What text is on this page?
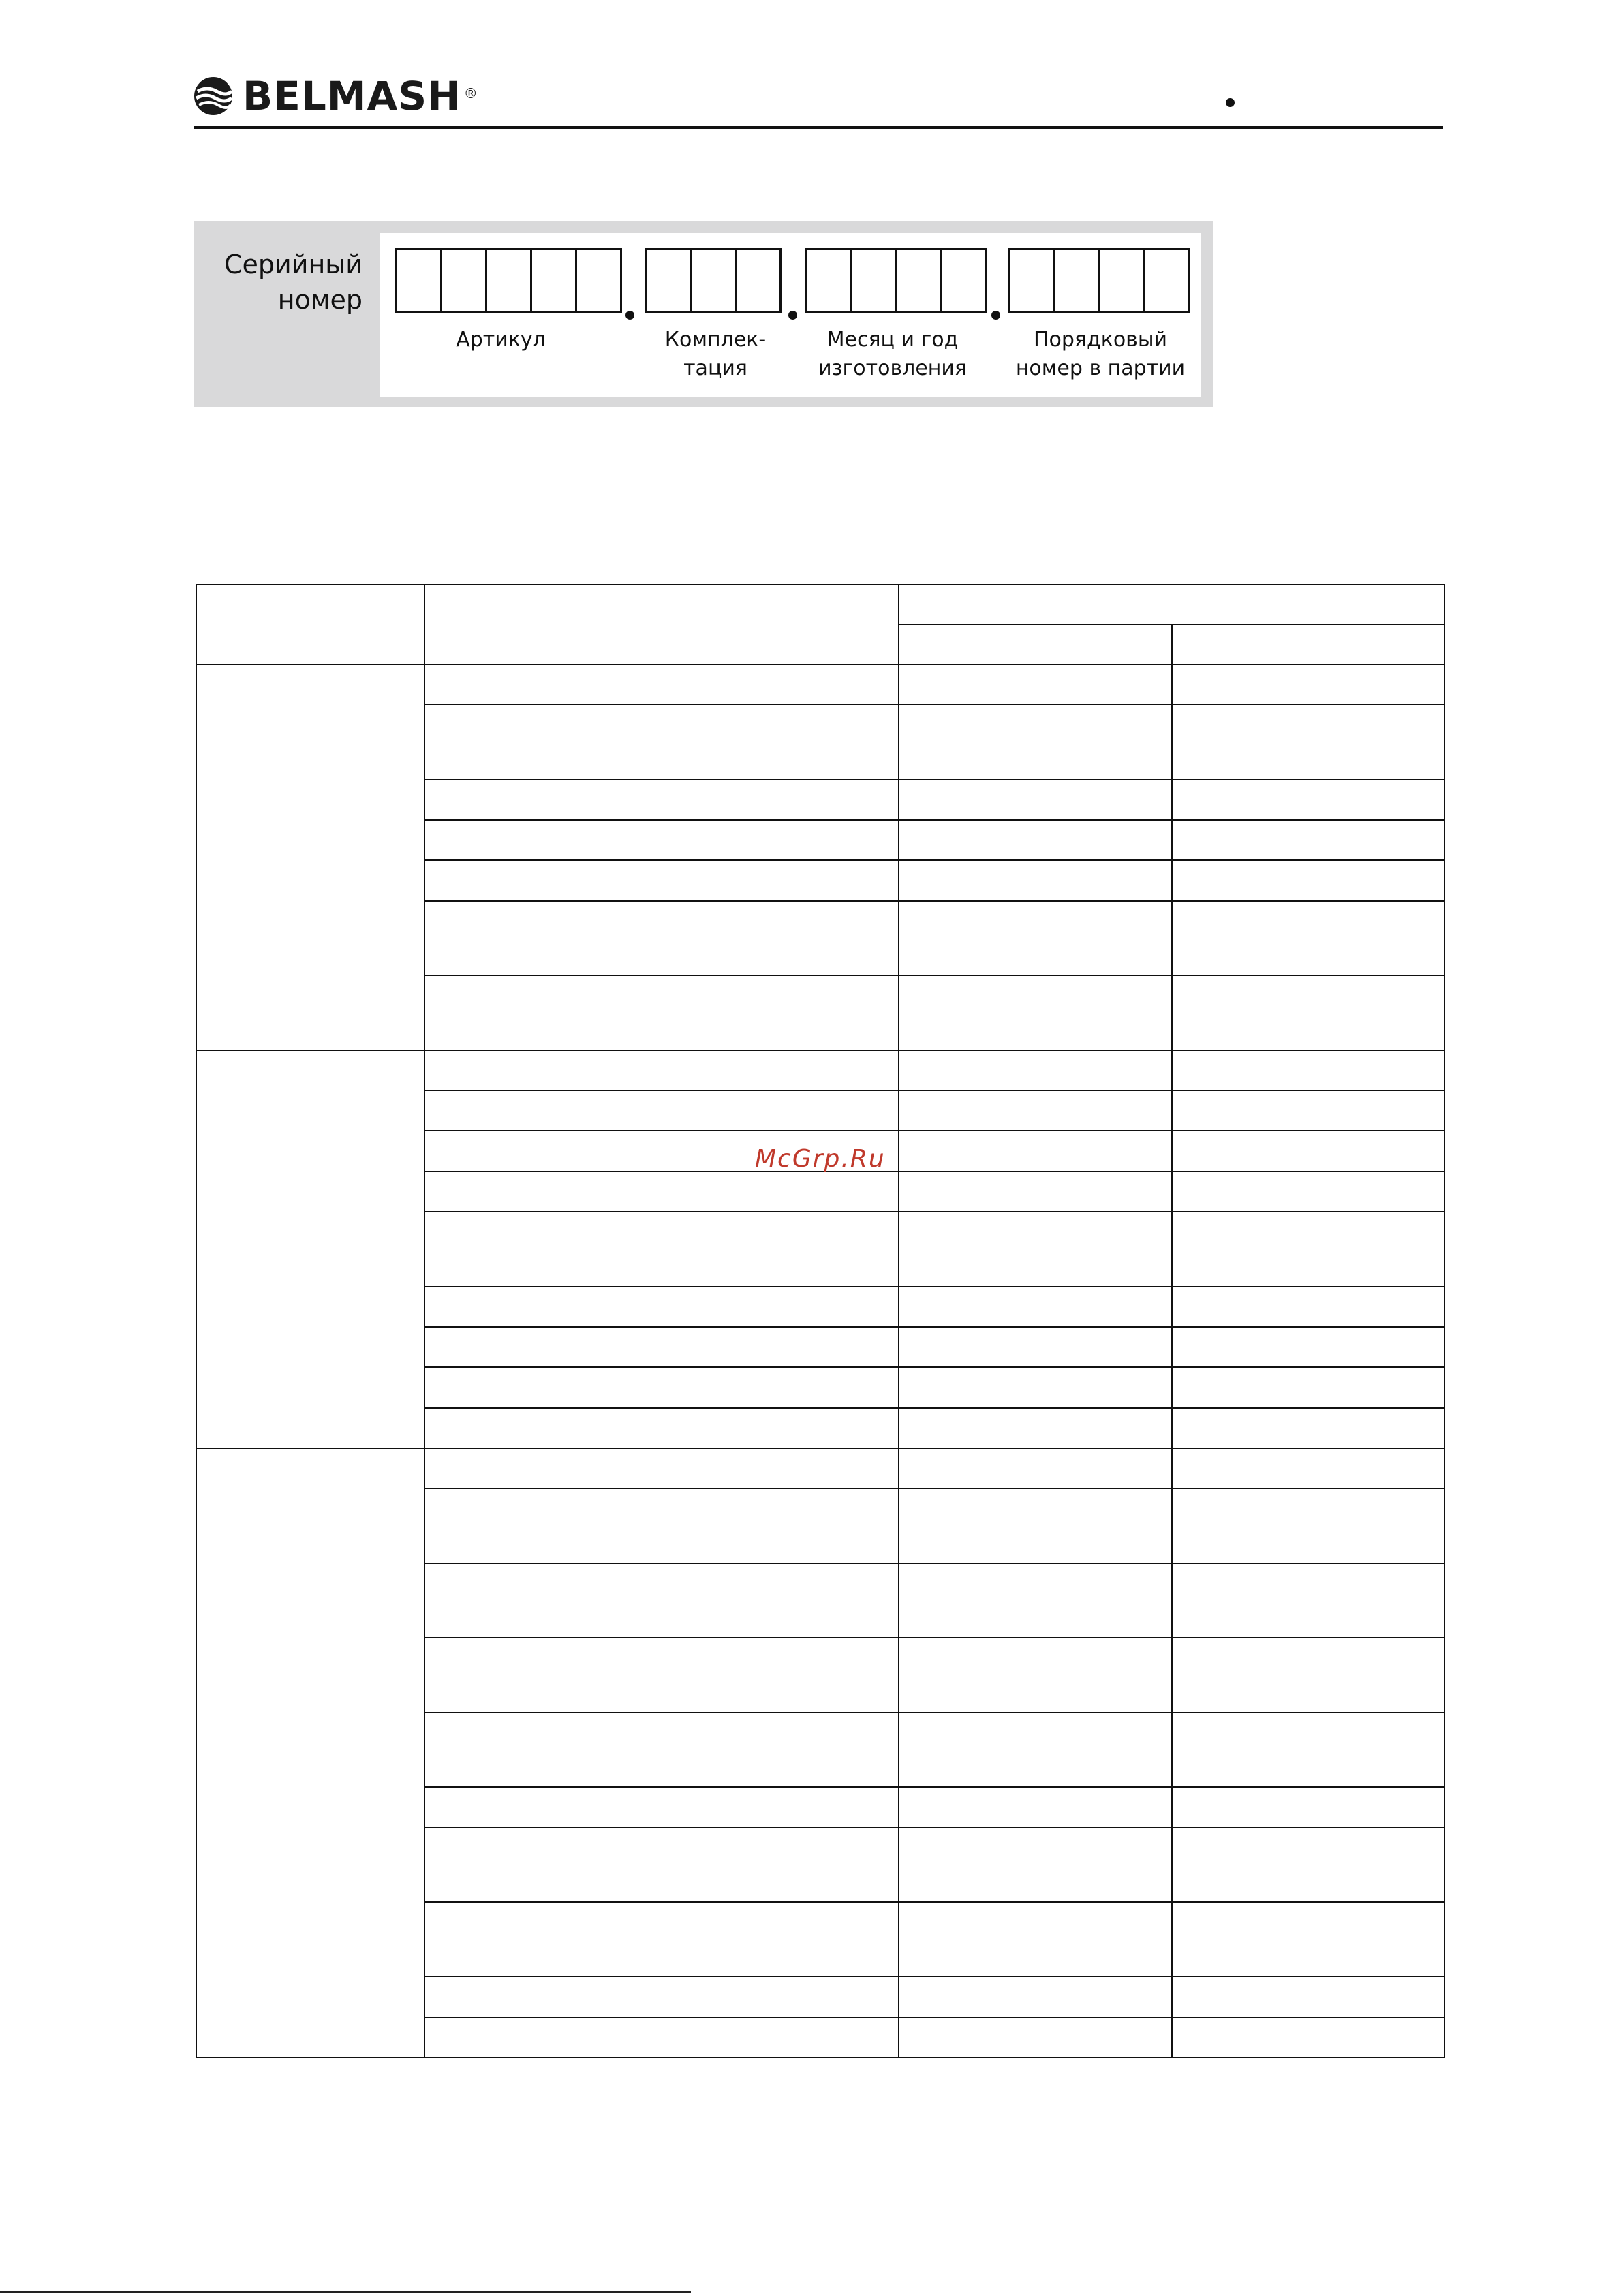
BELMASH ®
Серийный
номер
Артикул	Комплек-
тация
Месяц и год
изготовления
Порядковый
номер в партии
McGrp.Ru
